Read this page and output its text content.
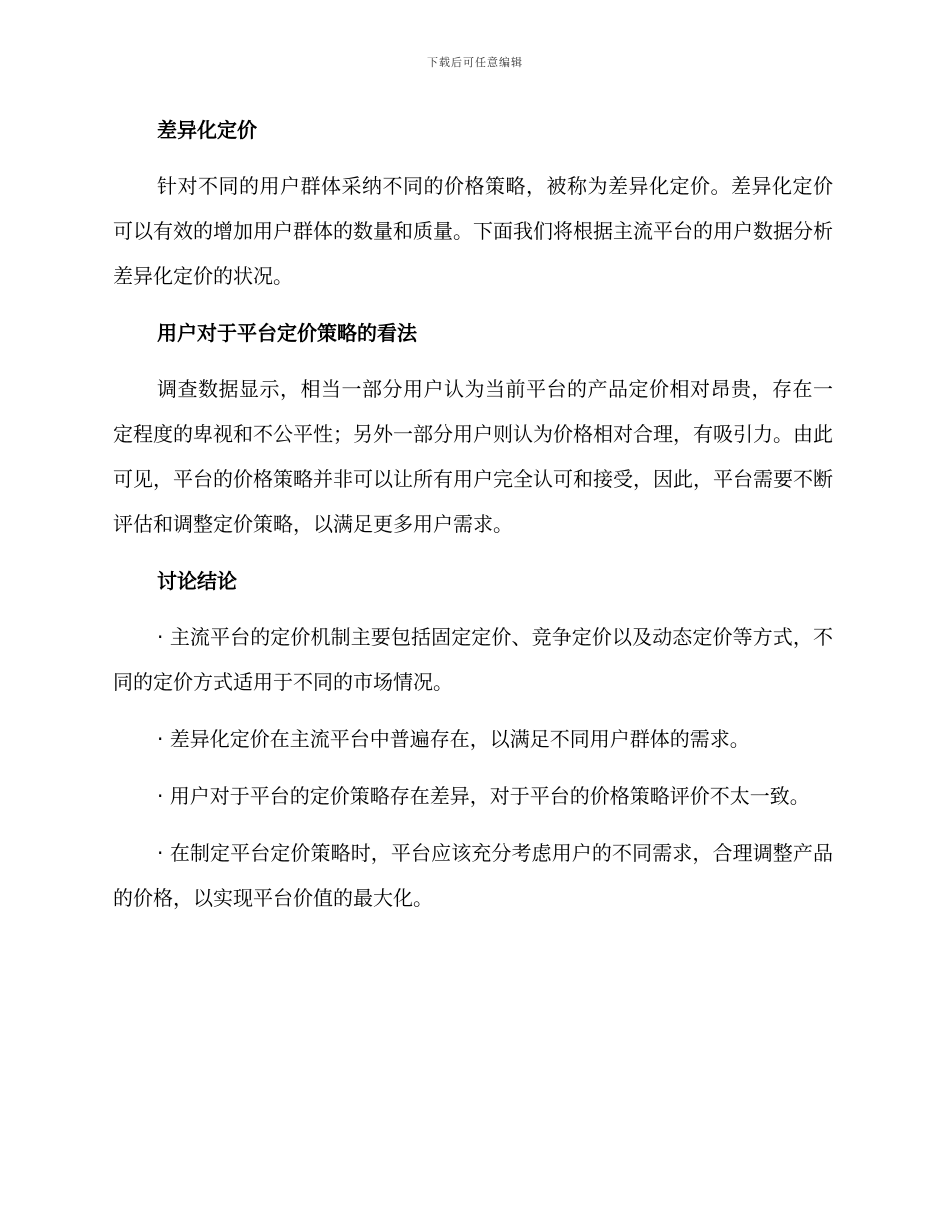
下载后可任意编辑
差异化定价

针对不同的用户群体采纳不同的价格策略，被称为差异化定价。差异化定价可以有效的增加用户群体的数量和质量。下面我们将根据主流平台的用户数据分析差异化定价的状况。

用户对于平台定价策略的看法

调查数据显示，相当一部分用户认为当前平台的产品定价相对昂贵，存在一定程度的卑视和不公平性；另外一部分用户则认为价格相对合理，有吸引力。由此可见，平台的价格策略并非可以让所有用户完全认可和接受，因此，平台需要不断评估和调整定价策略，以满足更多用户需求。

讨论结论

· 主流平台的定价机制主要包括固定定价、竞争定价以及动态定价等方式，不同的定价方式适用于不同的市场情况。

· 差异化定价在主流平台中普遍存在，以满足不同用户群体的需求。

· 用户对于平台的定价策略存在差异，对于平台的价格策略评价不太一致。

· 在制定平台定价策略时，平台应该充分考虑用户的不同需求，合理调整产品的价格，以实现平台价值的最大化。
